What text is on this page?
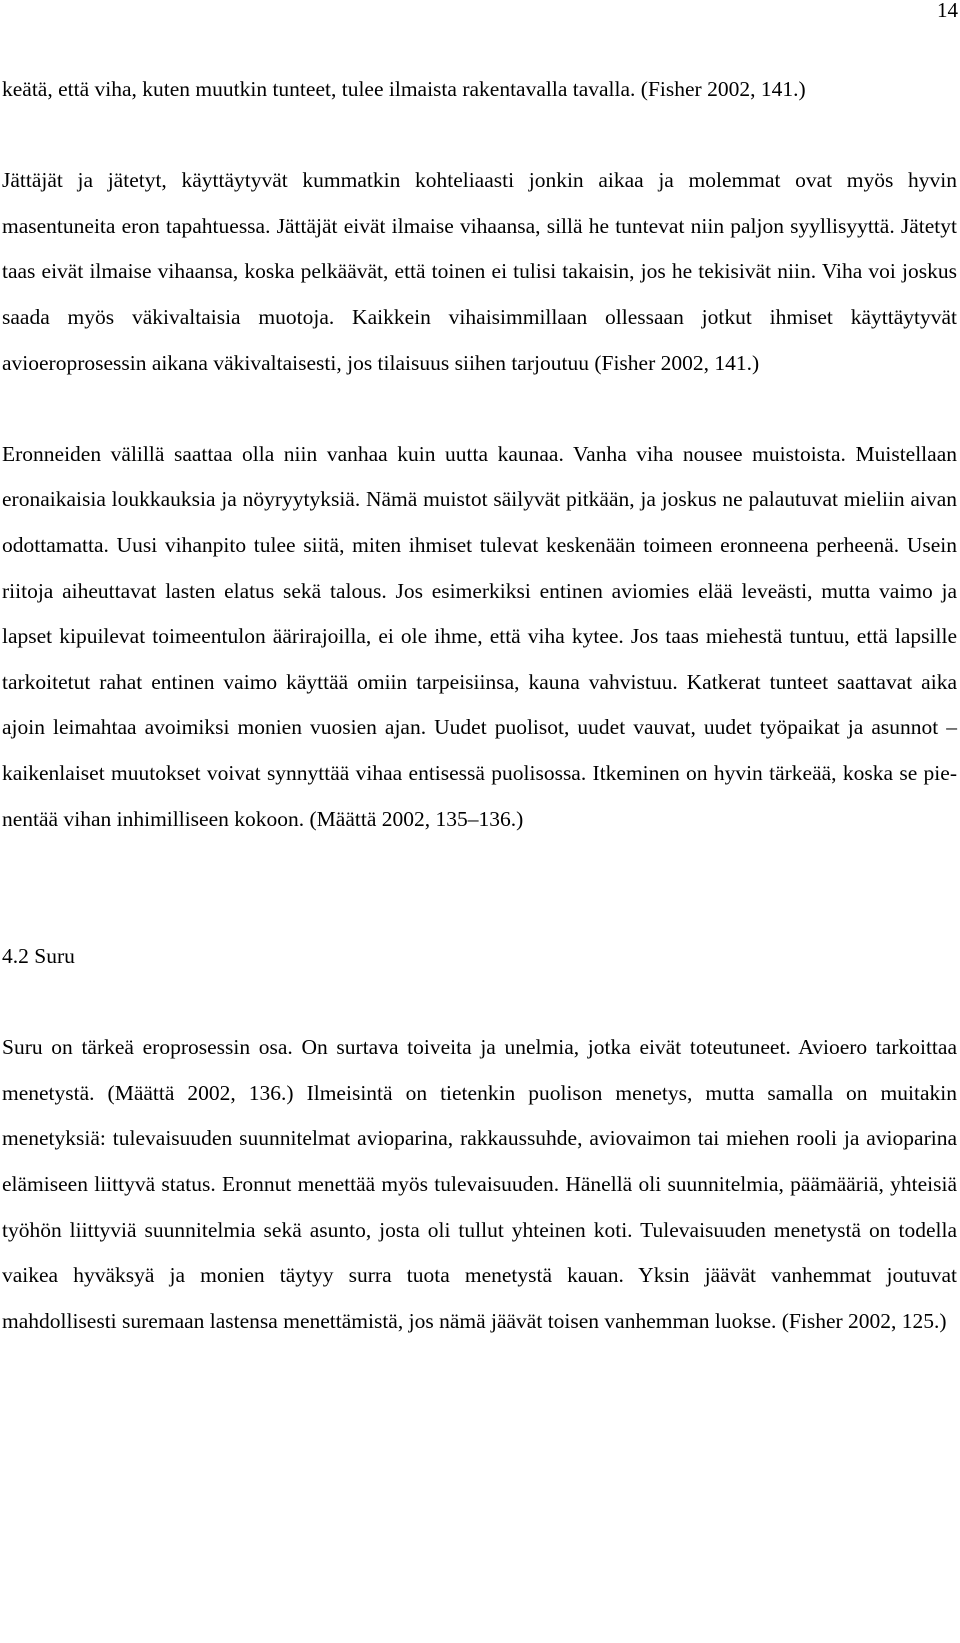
14

keätä, että viha, kuten muutkin tunteet, tulee ilmaista rakentavalla tavalla. (Fisher 2002, 141.)

Jättäjät ja jätetyt, käyttäytyvät kummatkin kohteliaasti jonkin aikaa ja molemmat ovat myös hyvin masentuneita eron tapahtuessa. Jättäjät eivät ilmaise vihaansa, sillä he tuntevat niin paljon syyllisyyttä. Jätetyt taas eivät ilmaise vihaansa, koska pelkäävät, että toinen ei tulisi takaisin, jos he tekisivät niin. Viha voi joskus saada myös väkivaltaisia muotoja. Kaikkein vihaisimmillaan ollessaan jotkut ihmiset käyttäytyvät avioeroprosessin aikana väkivaltaisesti, jos tilaisuus siihen tarjoutuu (Fisher 2002, 141.)

Eronneiden välillä saattaa olla niin vanhaa kuin uutta kaunaa. Vanha viha nousee muistoista. Muistellaan eronaikaisia loukkauksia ja nöyryytyksiä. Nämä muistot säilyvät pitkään, ja joskus ne palautuvat mieliin aivan odottamatta. Uusi vihanpito tulee siitä, miten ihmiset tulevat keskenään toimeen eronneena perheenä. Usein riitoja aiheuttavat lasten elatus sekä talous. Jos esimerkiksi entinen aviomies elää leveästi, mutta vaimo ja lapset kipuilevat toimeentulon äärirajoilla, ei ole ihme, että viha kytee. Jos taas miehestä tuntuu, että lapsille tarkoitetut rahat entinen vaimo käyttää omiin tarpeisiinsa, kauna vahvistuu. Katkerat tunteet saattavat aika ajoin leimahtaa avoimiksi monien vuosien ajan. Uudet puolisot, uudet vauvat, uudet työpaikat ja asunnot – kaikenlaiset muutokset voivat synnyttää vihaa entisessä puolisossa. Itkeminen on hyvin tärkeää, koska se pienentää vihan inhimilliseen kokoon. (Määttä 2002, 135–136.)

4.2 Suru

Suru on tärkeä eroprosessin osa. On surtava toiveita ja unelmia, jotka eivät toteutuneet. Avioero tarkoittaa menetystä. (Määttä 2002, 136.) Ilmeisintä on tietenkin puolison menetys, mutta samalla on muitakin menetyksiä: tulevaisuuden suunnitelmat avioparina, rakkaussuhde, aviovaimon tai miehen rooli ja avioparina elämiseen liittyvä status. Eronnut menettää myös tulevaisuuden. Hänellä oli suunnitelmia, päämääriä, yhteisiä työhön liittyviä suunnitelmia sekä asunto, josta oli tullut yhteinen koti. Tulevaisuuden menetystä on todella vaikea hyväksyä ja monien täytyy surra tuota menetystä kauan. Yksin jäävät vanhemmat joutuvat mahdollisesti suremaan lastensa menettämistä, jos nämä jäävät toisen vanhemman luokse. (Fisher 2002, 125.)
